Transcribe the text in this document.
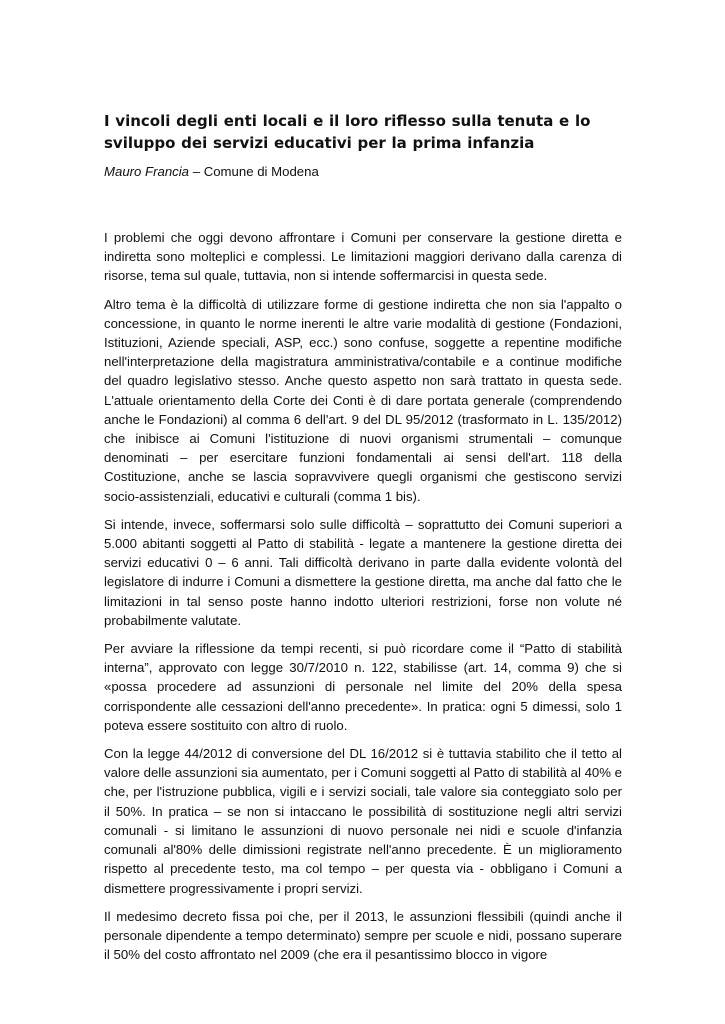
I vincoli degli enti locali e il loro riflesso sulla tenuta e lo sviluppo dei servizi educativi per la prima infanzia

Mauro Francia – Comune di Modena

I problemi che oggi devono affrontare i Comuni per conservare la gestione diretta e indiretta sono molteplici e complessi. Le limitazioni maggiori derivano dalla carenza di risorse, tema sul quale, tuttavia, non si intende soffermarcisi in questa sede.

Altro tema è la difficoltà di utilizzare forme di gestione indiretta che non sia l'appalto o concessione, in quanto le norme inerenti le altre varie modalità di gestione (Fondazioni, Istituzioni, Aziende speciali, ASP, ecc.) sono confuse, soggette a repentine modifiche nell'interpretazione della magistratura amministrativa/contabile e a continue modifiche del quadro legislativo stesso. Anche questo aspetto non sarà trattato in questa sede. L'attuale orientamento della Corte dei Conti è di dare portata generale (comprendendo anche le Fondazioni) al comma 6 dell'art. 9 del DL 95/2012 (trasformato in L. 135/2012) che inibisce ai Comuni l'istituzione di nuovi organismi strumentali – comunque denominati – per esercitare funzioni fondamentali ai sensi dell'art. 118 della Costituzione, anche se lascia sopravvivere quegli organismi che gestiscono servizi socio-assistenziali, educativi e culturali (comma 1 bis).

Si intende, invece, soffermarsi solo sulle difficoltà – soprattutto dei Comuni superiori a 5.000 abitanti soggetti al Patto di stabilità - legate a mantenere la gestione diretta dei servizi educativi 0 – 6 anni. Tali difficoltà derivano in parte dalla evidente volontà del legislatore di indurre i Comuni a dismettere la gestione diretta, ma anche dal fatto che le limitazioni in tal senso poste hanno indotto ulteriori restrizioni, forse non volute né probabilmente valutate.

Per avviare la riflessione da tempi recenti, si può ricordare come il “Patto di stabilità interna”, approvato con legge 30/7/2010 n. 122, stabilisse (art. 14, comma 9) che si «possa procedere ad assunzioni di personale nel limite del 20% della spesa corrispondente alle cessazioni dell'anno precedente». In pratica: ogni 5 dimessi, solo 1 poteva essere sostituito con altro di ruolo.

Con la legge 44/2012 di conversione del DL 16/2012 si è tuttavia stabilito che il tetto al valore delle assunzioni sia aumentato, per i Comuni soggetti al Patto di stabilità al 40% e che, per l'istruzione pubblica, vigili e i servizi sociali, tale valore sia conteggiato solo per il 50%. In pratica – se non si intaccano le possibilità di sostituzione negli altri servizi comunali - si limitano le assunzioni di nuovo personale nei nidi e scuole d'infanzia comunali al'80% delle dimissioni registrate nell'anno precedente. È un miglioramento rispetto al precedente testo, ma col tempo – per questa via - obbligano i Comuni a dismettere progressivamente i propri servizi.

Il medesimo decreto fissa poi che, per il 2013, le assunzioni flessibili (quindi anche il personale dipendente a tempo determinato) sempre per scuole e nidi, possano superare il 50% del costo affrontato nel 2009 (che era il pesantissimo blocco in vigore
